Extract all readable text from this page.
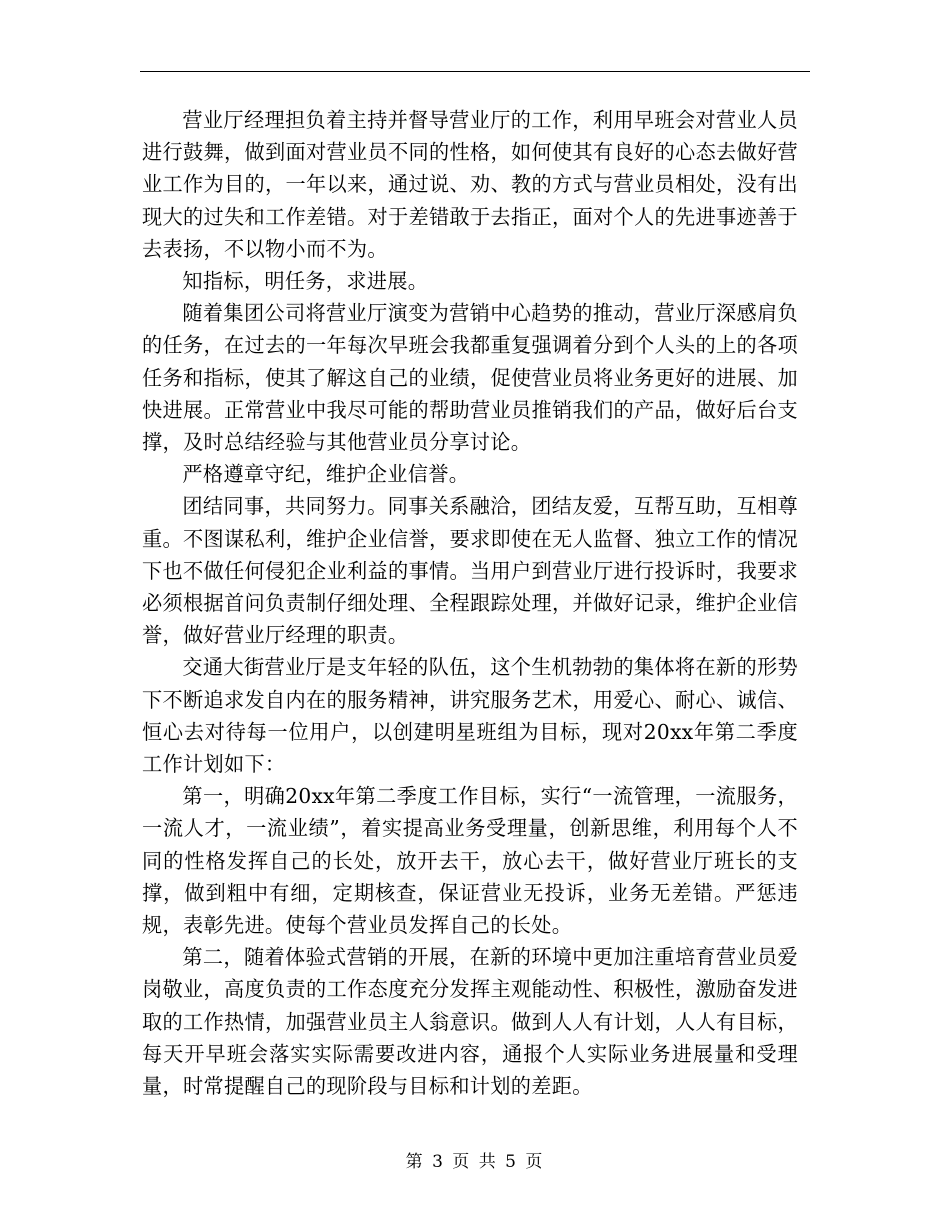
营业厅经理担负着主持并督导营业厅的工作，利用早班会对营业人员进行鼓舞，做到面对营业员不同的性格，如何使其有良好的心态去做好营业工作为目的，一年以来，通过说、劝、教的方式与营业员相处，没有出现大的过失和工作差错。对于差错敢于去指正，面对个人的先进事迹善于去表扬，不以物小而不为。

知指标，明任务，求进展。

随着集团公司将营业厅演变为营销中心趋势的推动，营业厅深感肩负的任务，在过去的一年每次早班会我都重复强调着分到个人头的上的各项任务和指标，使其了解这自己的业绩，促使营业员将业务更好的进展、加快进展。正常营业中我尽可能的帮助营业员推销我们的产品，做好后台支撑，及时总结经验与其他营业员分享讨论。

严格遵章守纪，维护企业信誉。

团结同事，共同努力。同事关系融洽，团结友爱，互帮互助，互相尊重。不图谋私利，维护企业信誉，要求即使在无人监督、独立工作的情况下也不做任何侵犯企业利益的事情。当用户到营业厅进行投诉时，我要求必须根据首问负责制仔细处理、全程跟踪处理，并做好记录，维护企业信誉，做好营业厅经理的职责。

交通大街营业厅是支年轻的队伍，这个生机勃勃的集体将在新的形势下不断追求发自内在的服务精神，讲究服务艺术，用爱心、耐心、诚信、恒心去对待每一位用户，以创建明星班组为目标，现对20xx年第二季度工作计划如下：

第一，明确20xx年第二季度工作目标，实行“一流管理，一流服务，一流人才，一流业绩”，着实提高业务受理量，创新思维，利用每个人不同的性格发挥自己的长处，放开去干，放心去干，做好营业厅班长的支撑，做到粗中有细，定期核查，保证营业无投诉，业务无差错。严惩违规，表彰先进。使每个营业员发挥自己的长处。

第二，随着体验式营销的开展，在新的环境中更加注重培育营业员爱岗敬业，高度负责的工作态度充分发挥主观能动性、积极性，激励奋发进取的工作热情，加强营业员主人翁意识。做到人人有计划，人人有目标，每天开早班会落实实际需要改进内容，通报个人实际业务进展量和受理量，时常提醒自己的现阶段与目标和计划的差距。

第 3 页 共 5 页
